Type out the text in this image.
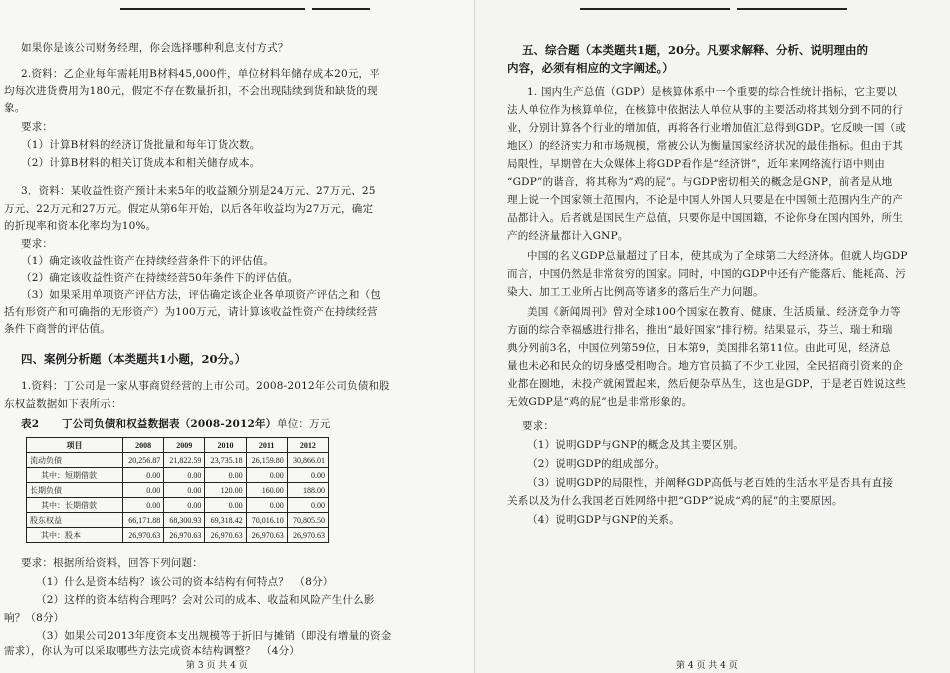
如果你是该公司财务经理，你会选择哪种利息支付方式？
2.资料：乙企业每年需耗用B材料45,000件，单位材料年储存成本20元，平
均每次进货费用为180元，假定不存在数量折扣，不会出现陆续到货和缺货的现
象。
要求：
（1）计算B材料的经济订货批量和每年订货次数。
（2）计算B材料的相关订货成本和相关储存成本。
3．资料：某收益性资产预计未来5年的收益额分别是24万元、27万元、25
万元、22万元和27万元。假定从第6年开始，以后各年收益均为27万元，确定
的折现率和资本化率均为10%。
要求：
（1）确定该收益性资产在持续经营条件下的评估值。
（2）确定该收益性资产在持续经营50年条件下的评估值。
（3）如果采用单项资产评估方法，评估确定该企业各单项资产评估之和（包
括有形资产和可确指的无形资产）为100万元，请计算该收益性资产在持续经营
条件下商誉的评估值。
四、案例分析题（本类题共1小题，20分。）
1.资料：丁公司是一家从事商贸经营的上市公司。2008-2012年公司负债和股
东权益数据如下表所示：
表2 丁公司负债和权益数据表（2008-2012年） 单位：万元
项目	2008	2009	2010	2011	2012
流动负债	20,256.87	21,822.59	23,735.18	26,159.80	30,866.01
其中：短期借款	0.00	0.00	0.00	0.00	0.00
长期负债	0.00	0.00	120.00	160.00	188.00
其中：长期借款	0.00	0.00	0.00	0.00	0.00
股东权益	66,171.88	68,300.93	69,318.42	70,016.10	70,805.50
其中：股本	26,970.63	26,970.63	26,970.63	26,970.63	26,970.63
要求：根据所给资料，回答下列问题：
（1）什么是资本结构？该公司的资本结构有何特点？　（8分）
（2）这样的资本结构合理吗？会对公司的成本、收益和风险产生什么影
响？（8分）
（3）如果公司2013年度资本支出规模等于折旧与摊销（即没有增量的资金
需求），你认为可以采取哪些方法完成资本结构调整？　（4分）
第 3 页 共 4 页
五、综合题（本类题共1题，20分。凡要求解释、分析、说明理由的
内容，必须有相应的文字阐述。）
1. 国内生产总值（GDP）是核算体系中一个重要的综合性统计指标，它主要以
法人单位作为核算单位，在核算中依据法人单位从事的主要活动将其划分到不同的行
业，分别计算各个行业的增加值，再将各行业增加值汇总得到GDP。它反映一国（或
地区）的经济实力和市场规模，常被公认为衡量国家经济状况的最佳指标。但由于其
局限性，早期曾在大众媒体上将GDP看作是“经济饼”，近年来网络流行语中则由
“GDP”的谐音，将其称为“鸡的屁”。与GDP密切相关的概念是GNP，前者是从地
理上说一个国家领土范围内，不论是中国人外国人只要是在中国领土范围内生产的产
品都计入。后者就是国民生产总值，只要你是中国国籍，不论你身在国内国外，所生
产的经济量都计入GNP。
中国的名义GDP总量超过了日本，使其成为了全球第二大经济体。但就人均GDP
而言，中国仍然是非常贫穷的国家。同时，中国的GDP中还有产能落后、能耗高、污
染大、加工工业所占比例高等诸多的落后生产力问题。
美国《新闻周刊》曾对全球100个国家在教育、健康、生活质量、经济竞争力等
方面的综合幸福感进行排名，推出“最好国家”排行榜。结果显示，芬兰、瑞士和瑞
典分列前3名，中国位列第59位，日本第9，美国排名第11位。由此可见，经济总
量也未必和民众的切身感受相吻合。地方官员搞了不少工业园，全民招商引资来的企
业都在圈地，未投产就闲置起来，然后便杂草丛生，这也是GDP，于是老百姓说这些
无效GDP是“鸡的屁”也是非常形象的。
要求：
（1）说明GDP与GNP的概念及其主要区别。
（2）说明GDP的组成部分。
（3）说明GDP的局限性，并阐释GDP高低与老百姓的生活水平是否具有直接
关系以及为什么我国老百姓网络中把“GDP”说成“鸡的屁”的主要原因。
（4）说明GDP与GNP的关系。
第 4 页 共 4 页
